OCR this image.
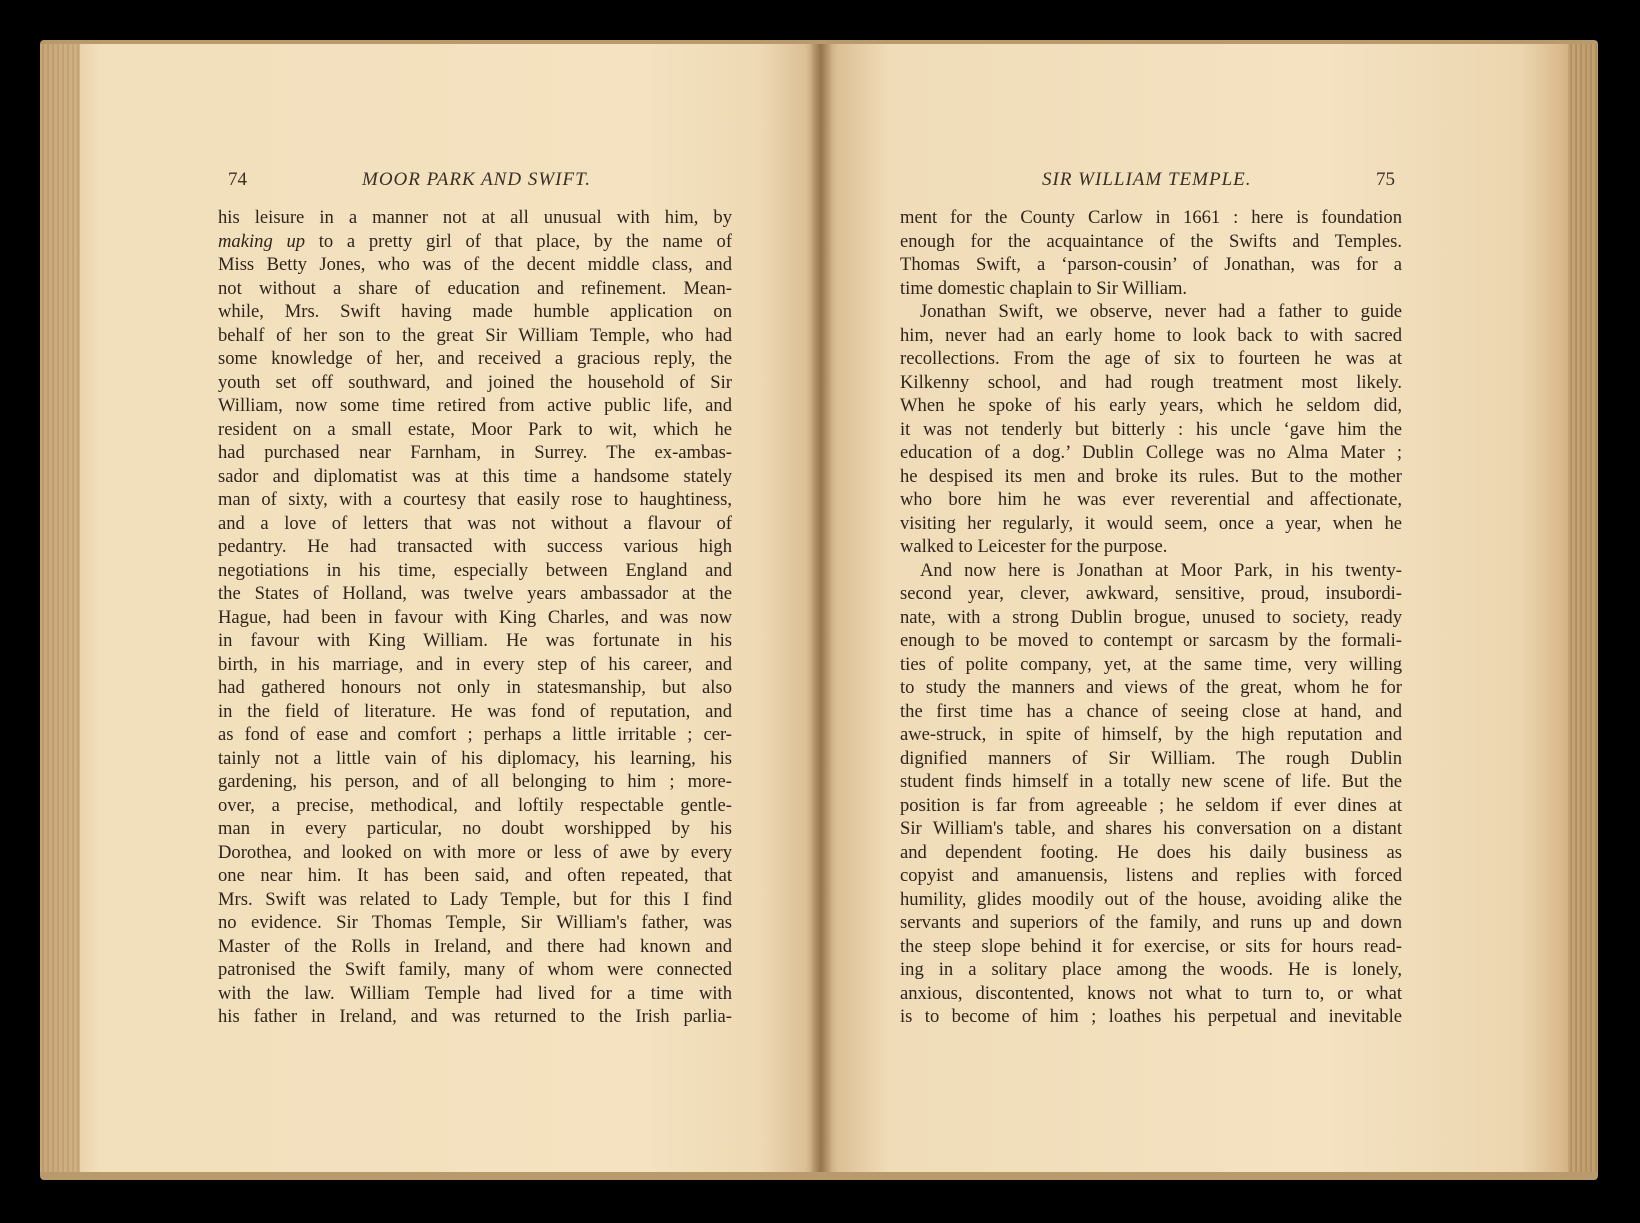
74	MOOR PARK AND SWIFT.
his leisure in a manner not at all unusual with him, by
making up to a pretty girl of that place, by the name of
Miss Betty Jones, who was of the decent middle class, and
not without a share of education and refinement. Mean-
while, Mrs. Swift having made humble application on
behalf of her son to the great Sir William Temple, who had
some knowledge of her, and received a gracious reply, the
youth set off southward, and joined the household of Sir
William, now some time retired from active public life, and
resident on a small estate, Moor Park to wit, which he
had purchased near Farnham, in Surrey. The ex-ambas-
sador and diplomatist was at this time a handsome stately
man of sixty, with a courtesy that easily rose to haughtiness,
and a love of letters that was not without a flavour of
pedantry. He had transacted with success various high
negotiations in his time, especially between England and
the States of Holland, was twelve years ambassador at the
Hague, had been in favour with King Charles, and was now
in favour with King William. He was fortunate in his
birth, in his marriage, and in every step of his career, and
had gathered honours not only in statesmanship, but also
in the field of literature. He was fond of reputation, and
as fond of ease and comfort ; perhaps a little irritable ; cer-
tainly not a little vain of his diplomacy, his learning, his
gardening, his person, and of all belonging to him ; more-
over, a precise, methodical, and loftily respectable gentle-
man in every particular, no doubt worshipped by his
Dorothea, and looked on with more or less of awe by every
one near him. It has been said, and often repeated, that
Mrs. Swift was related to Lady Temple, but for this I find
no evidence. Sir Thomas Temple, Sir William's father, was
Master of the Rolls in Ireland, and there had known and
patronised the Swift family, many of whom were connected
with the law. William Temple had lived for a time with
his father in Ireland, and was returned to the Irish parlia-
SIR WILLIAM TEMPLE.	75
ment for the County Carlow in 1661 : here is foundation
enough for the acquaintance of the Swifts and Temples.
Thomas Swift, a ‘parson-cousin’ of Jonathan, was for a
time domestic chaplain to Sir William.
Jonathan Swift, we observe, never had a father to guide
him, never had an early home to look back to with sacred
recollections. From the age of six to fourteen he was at
Kilkenny school, and had rough treatment most likely.
When he spoke of his early years, which he seldom did,
it was not tenderly but bitterly : his uncle ‘gave him the
education of a dog.’ Dublin College was no Alma Mater ;
he despised its men and broke its rules. But to the mother
who bore him he was ever reverential and affectionate,
visiting her regularly, it would seem, once a year, when he
walked to Leicester for the purpose.
And now here is Jonathan at Moor Park, in his twenty-
second year, clever, awkward, sensitive, proud, insubordi-
nate, with a strong Dublin brogue, unused to society, ready
enough to be moved to contempt or sarcasm by the formali-
ties of polite company, yet, at the same time, very willing
to study the manners and views of the great, whom he for
the first time has a chance of seeing close at hand, and
awe-struck, in spite of himself, by the high reputation and
dignified manners of Sir William. The rough Dublin
student finds himself in a totally new scene of life. But the
position is far from agreeable ; he seldom if ever dines at
Sir William's table, and shares his conversation on a distant
and dependent footing. He does his daily business as
copyist and amanuensis, listens and replies with forced
humility, glides moodily out of the house, avoiding alike the
servants and superiors of the family, and runs up and down
the steep slope behind it for exercise, or sits for hours read-
ing in a solitary place among the woods. He is lonely,
anxious, discontented, knows not what to turn to, or what
is to become of him ; loathes his perpetual and inevitable
